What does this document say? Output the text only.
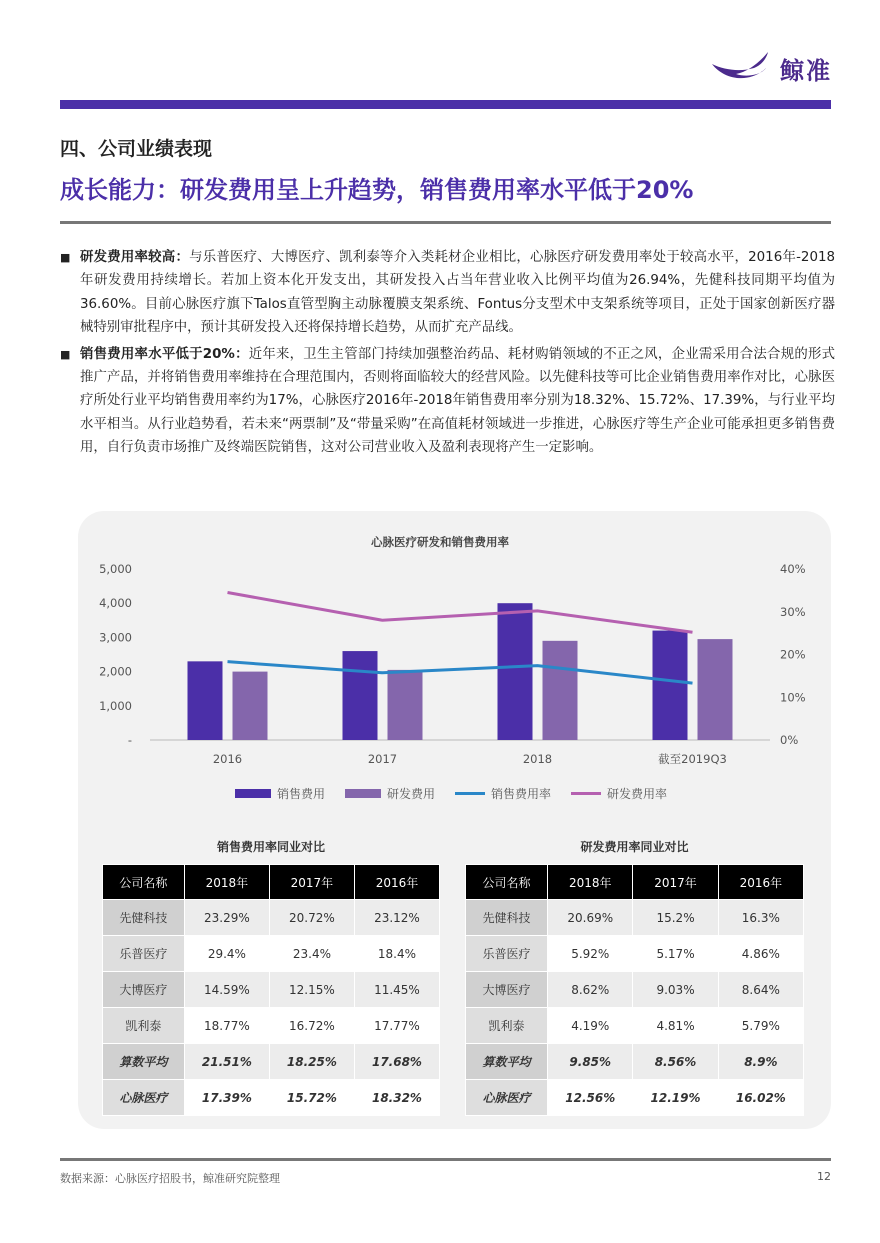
鲸准
四、公司业绩表现
成长能力：研发费用呈上升趋势，销售费用率水平低于20%
■ 研发费用率较高：与乐普医疗、大博医疗、凯利泰等介入类耗材企业相比，心脉医疗研发费用率处于较高水平，2016年-2018年研发费用持续增长。若加上资本化开发支出，其研发投入占当年营业收入比例平均值为26.94%，先健科技同期平均值为36.60%。目前心脉医疗旗下Talos直管型胸主动脉覆膜支架系统、Fontus分支型术中支架系统等项目，正处于国家创新医疗器械特别审批程序中，预计其研发投入还将保持增长趋势，从而扩充产品线。
■ 销售费用率水平低于20%：近年来，卫生主管部门持续加强整治药品、耗材购销领域的不正之风，企业需采用合法合规的形式推广产品，并将销售费用率维持在合理范围内，否则将面临较大的经营风险。以先健科技等可比企业销售费用率作对比，心脉医疗所处行业平均销售费用率约为17%，心脉医疗2016年-2018年销售费用率分别为18.32%、15.72%、17.39%，与行业平均水平相当。从行业趋势看，若未来“两票制”及“带量采购”在高值耗材领域进一步推进，心脉医疗等生产企业可能承担更多销售费用，自行负责市场推广及终端医院销售，这对公司营业收入及盈利表现将产生一定影响。
心脉医疗研发和销售费用率
-
1,000
2,000
3,000
4,000
5,000
0%
10%
20%
30%
40%
2016	2017	2018	截至2019Q3
销售费用	研发费用	销售费用率	研发费用率
销售费用率同业对比
公司名称	2018年	2017年	2016年
先健科技	23.29%	20.72%	23.12%
乐普医疗	29.4%	23.4%	18.4%
大博医疗	14.59%	12.15%	11.45%
凯利泰	18.77%	16.72%	17.77%
算数平均	21.51%	18.25%	17.68%
心脉医疗	17.39%	15.72%	18.32%
研发费用率同业对比
公司名称	2018年	2017年	2016年
先健科技	20.69%	15.2%	16.3%
乐普医疗	5.92%	5.17%	4.86%
大博医疗	8.62%	9.03%	8.64%
凯利泰	4.19%	4.81%	5.79%
算数平均	9.85%	8.56%	8.9%
心脉医疗	12.56%	12.19%	16.02%
数据来源：心脉医疗招股书，鲸准研究院整理	12
